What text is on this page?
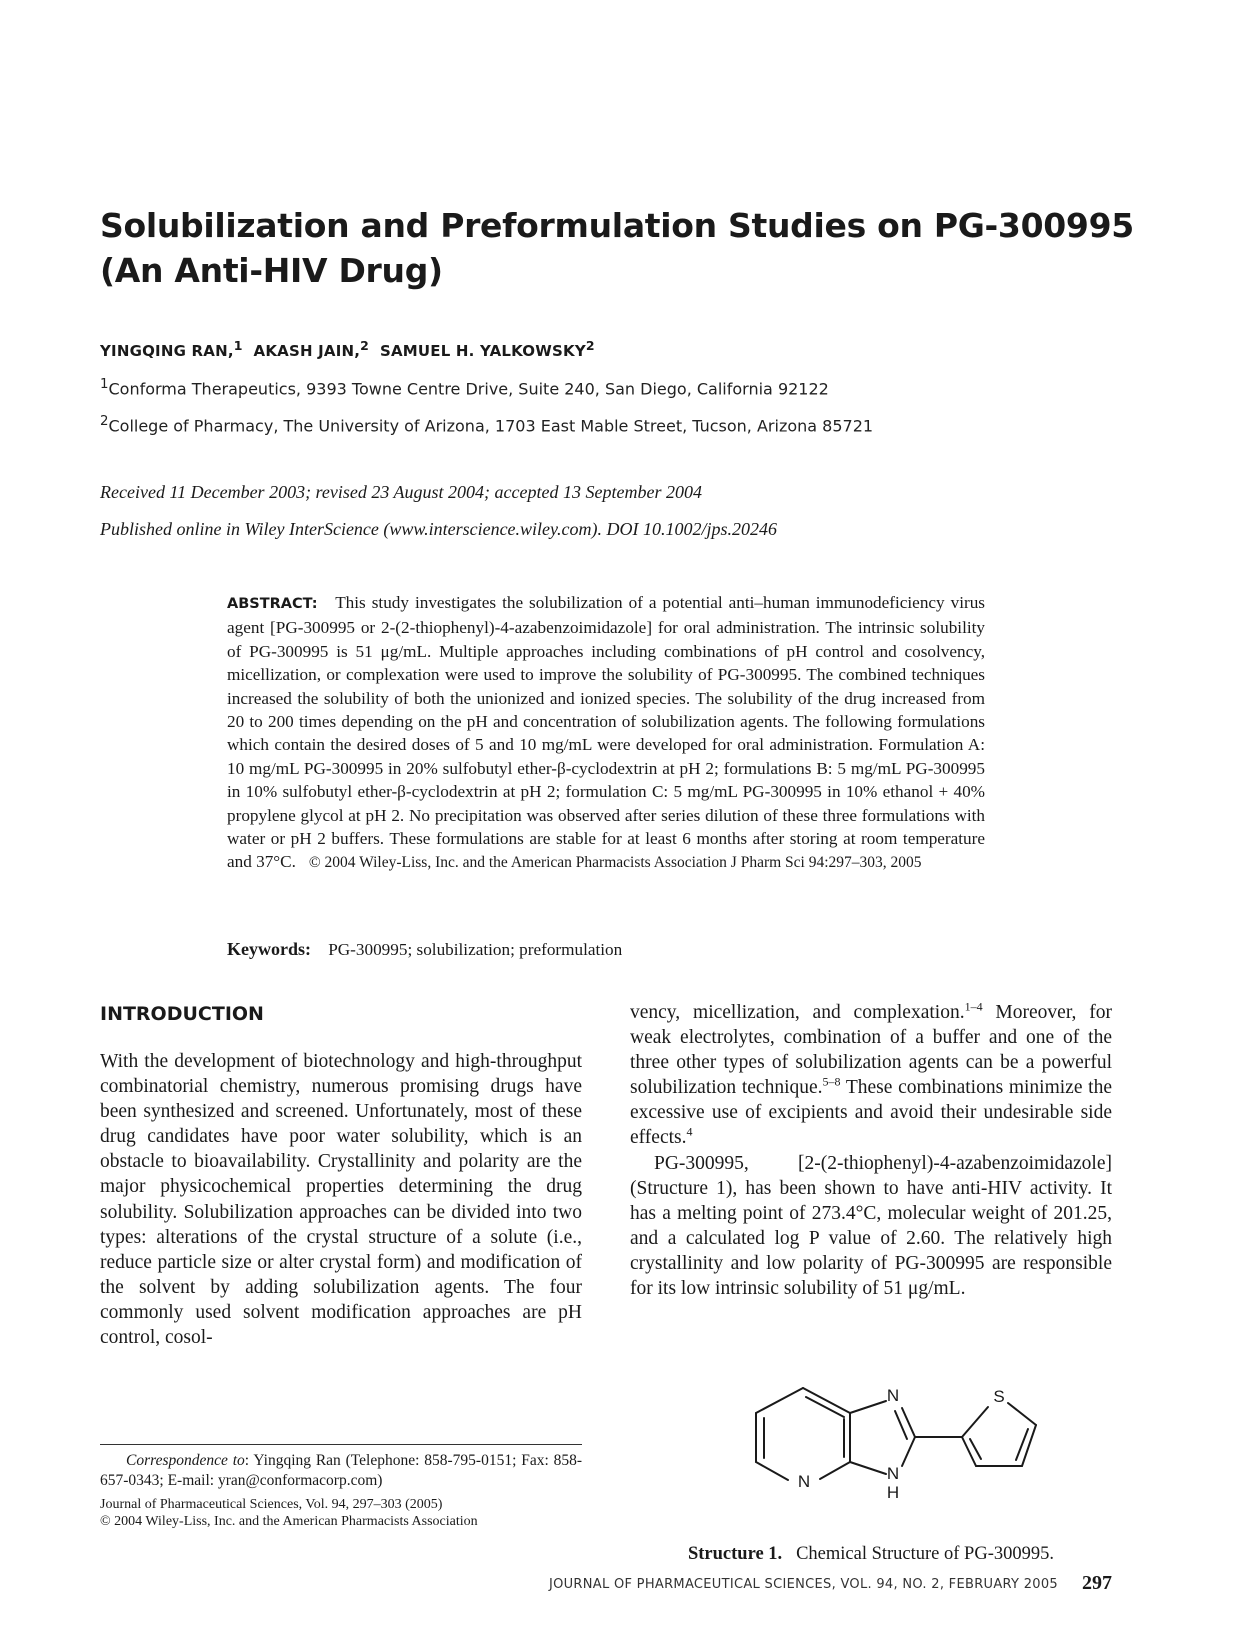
Solubilization and Preformulation Studies on PG-300995
(An Anti-HIV Drug)
YINGQING RAN,$^1$ AKASH JAIN,$^2$ SAMUEL H. YALKOWSKY$^2$
$^1$Conforma Therapeutics, 9393 Towne Centre Drive, Suite 240, San Diego, California 92122
$^2$College of Pharmacy, The University of Arizona, 1703 East Mable Street, Tucson, Arizona 85721
Received 11 December 2003; revised 23 August 2004; accepted 13 September 2004
Published online in Wiley InterScience (www.interscience.wiley.com). DOI 10.1002/jps.20246
ABSTRACT: This study investigates the solubilization of a potential anti–human immunodeficiency virus agent [PG-300995 or 2-(2-thiophenyl)-4-azabenzoimidazole] for oral administration. The intrinsic solubility of PG-300995 is 51 μg/mL. Multiple approaches including combinations of pH control and cosolvency, micellization, or complexation were used to improve the solubility of PG-300995. The combined techniques increased the solubility of both the unionized and ionized species. The solubility of the drug increased from 20 to 200 times depending on the pH and concentration of solubilization agents. The following formulations which contain the desired doses of 5 and 10 mg/mL were developed for oral administration. Formulation A: 10 mg/mL PG-300995 in 20% sulfobutyl ether-β-cyclodextrin at pH 2; formulations B: 5 mg/mL PG-300995 in 10% sulfobutyl ether-β-cyclodextrin at pH 2; formulation C: 5 mg/mL PG-300995 in 10% ethanol + 40% propylene glycol at pH 2. No precipitation was observed after series dilution of these three formulations with water or pH 2 buffers. These formulations are stable for at least 6 months after storing at room temperature and 37°C. © 2004 Wiley-Liss, Inc. and the American Pharmacists Association J Pharm Sci 94:297–303, 2005
Keywords: PG-300995; solubilization; preformulation
INTRODUCTION

With the development of biotechnology and high-throughput combinatorial chemistry, numerous promising drugs have been synthesized and screened. Unfortunately, most of these drug candidates have poor water solubility, which is an obstacle to bioavailability. Crystallinity and polarity are the major physicochemical properties determining the drug solubility. Solubilization approaches can be divided into two types: alterations of the crystal structure of a solute (i.e., reduce particle size or alter crystal form) and modification of the solvent by adding solubilization agents. The four commonly used solvent modification approaches are pH control, cosol-

vency, micellization, and complexation.$^{1-4}$ Moreover, for weak electrolytes, combination of a buffer and one of the three other types of solubilization agents can be a powerful solubilization technique.$^{5-8}$ These combinations minimize the excessive use of excipients and avoid their undesirable side effects.$^4$

PG-300995, [2-(2-thiophenyl)-4-azabenzoimidazole] (Structure 1), has been shown to have anti-HIV activity. It has a melting point of 273.4°C, molecular weight of 201.25, and a calculated log P value of 2.60. The relatively high crystallinity and low polarity of PG-300995 are responsible for its low intrinsic solubility of 51 μg/mL.

Correspondence to: Yingqing Ran (Telephone: 858-795-0151; Fax: 858-657-0343; E-mail: yran@conformacorp.com)
Journal of Pharmaceutical Sciences, Vol. 94, 297–303 (2005)
© 2004 Wiley-Liss, Inc. and the American Pharmacists Association
N	S
N	N
H
Structure 1. Chemical Structure of PG-300995.
JOURNAL OF PHARMACEUTICAL SCIENCES, VOL. 94, NO. 2, FEBRUARY 2005 297
